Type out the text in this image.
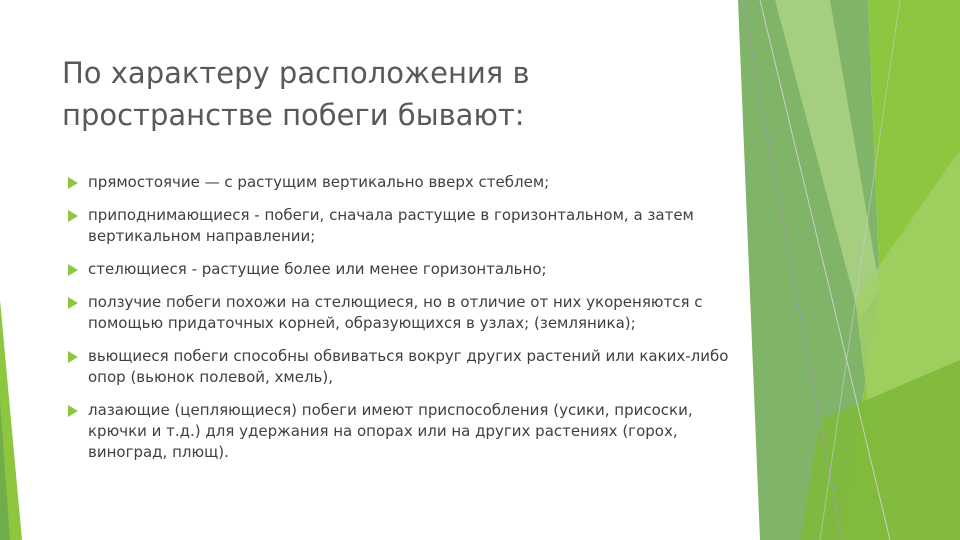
По характеру расположения в пространстве побеги бывают:
прямостоячие — с растущим вертикально вверх стеблем;
приподнимающиеся - побеги, сначала растущие в горизонтальном, а затем вертикальном направлении;
стелющиеся - растущие более или менее горизонтально;
ползучие побеги похожи на стелющиеся, но в отличие от них укореняются с помощью придаточных корней, образующихся в узлах; (земляника);
вьющиеся побеги способны обвиваться вокруг других растений или каких-либо опор (вьюнок полевой, хмель),
лазающие (цепляющиеся) побеги имеют приспособления (усики, присоски, крючки и т.д.) для удержания на опорах или на других растениях (горох, виноград, плющ).
